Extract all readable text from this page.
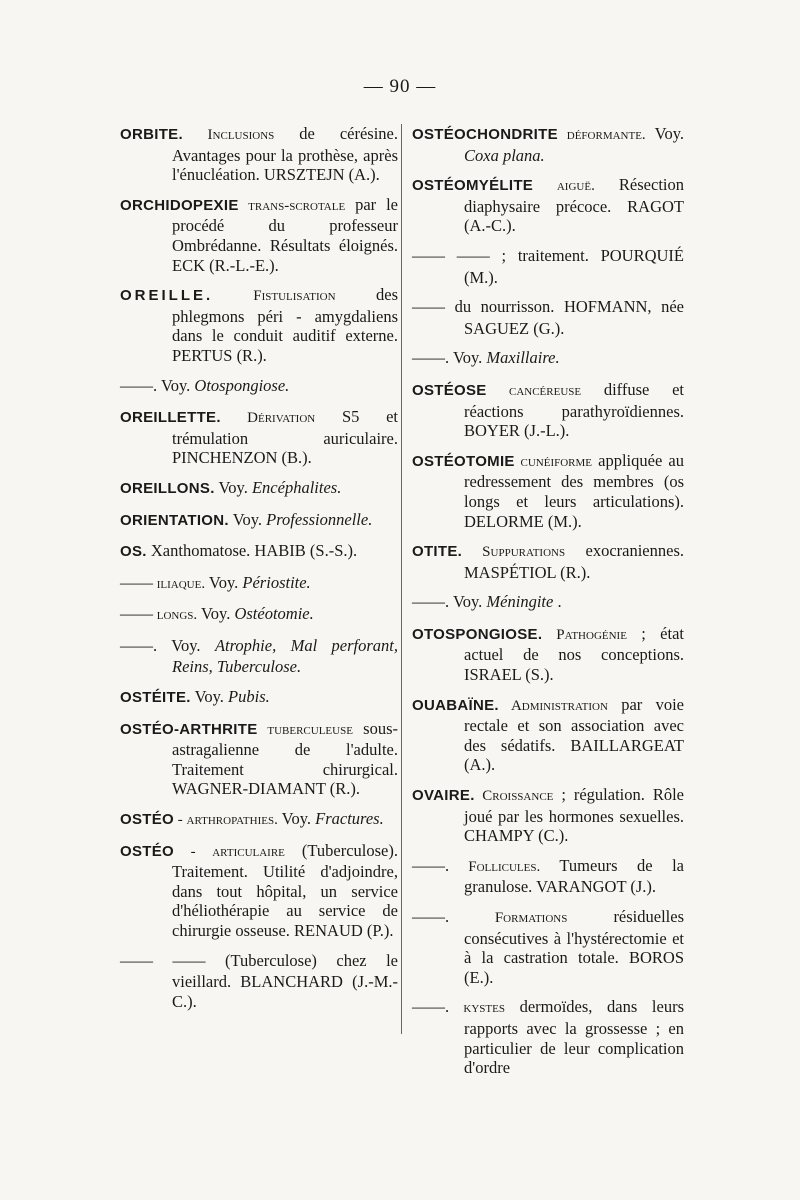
— 90 —
ORBITE. Inclusions de cérésine. Avantages pour la prothèse, après l'énucléation. URSZTEJN (A.).
ORCHIDOPEXIE trans-scrotale par le procédé du professeur Ombrédanne. Résultats éloignés. ECK (R.-L.-E.).
OREILLE. Fistulisation des phlegmons péri - amygdaliens dans le conduit auditif externe. PERTUS (R.).
——. Voy. Otospongiose.
OREILLETTE. Dérivation S5 et trémulation auriculaire. PINCHENZON (B.).
OREILLONS. Voy. Encéphalites.
ORIENTATION. Voy. Professionnelle.
OS. Xanthomatose. HABIB (S.-S.).
—— iliaque. Voy. Périostite.
—— longs. Voy. Ostéotomie.
——. Voy. Atrophie, Mal perforant, Reins, Tuberculose.
OSTÉITE. Voy. Pubis.
OSTÉO-ARTHRITE tuberculeuse sous-astragalienne de l'adulte. Traitement chirurgical. WAGNER-DIAMANT (R.).
OSTÉO - arthropathies. Voy. Fractures.
OSTÉO - articulaire (Tuberculose). Traitement. Utilité d'adjoindre, dans tout hôpital, un service d'héliothérapie au service de chirurgie osseuse. RENAUD (P.).
—— —— (Tuberculose) chez le vieillard. BLANCHARD (J.-M.-C.).
OSTÉOCHONDRITE déformante. Voy. Coxa plana.
OSTÉOMYÉLITE aiguë. Résection diaphysaire précoce. RAGOT (A.-C.).
—— —— ; traitement. POURQUIÉ (M.).
—— du nourrisson. HOFMANN, née SAGUEZ (G.).
——. Voy. Maxillaire.
OSTÉOSE cancéreuse diffuse et réactions parathyroïdiennes. BOYER (J.-L.).
OSTÉOTOMIE cunéiforme appliquée au redressement des membres (os longs et leurs articulations). DELORME (M.).
OTITE. Suppurations exocraniennes. MASPÉTIOL (R.).
——. Voy. Méningite .
OTOSPONGIOSE. Pathogénie ; état actuel de nos conceptions. ISRAEL (S.).
OUABAÏNE. Administration par voie rectale et son association avec des sédatifs. BAILLARGEAT (A.).
OVAIRE. Croissance ; régulation. Rôle joué par les hormones sexuelles. CHAMPY (C.).
——. Follicules. Tumeurs de la granulose. VARANGOT (J.).
——. Formations résiduelles consécutives à l'hystérectomie et à la castration totale. BOROS (E.).
——. kystes dermoïdes, dans leurs rapports avec la grossesse ; en particulier de leur complication d'ordre
